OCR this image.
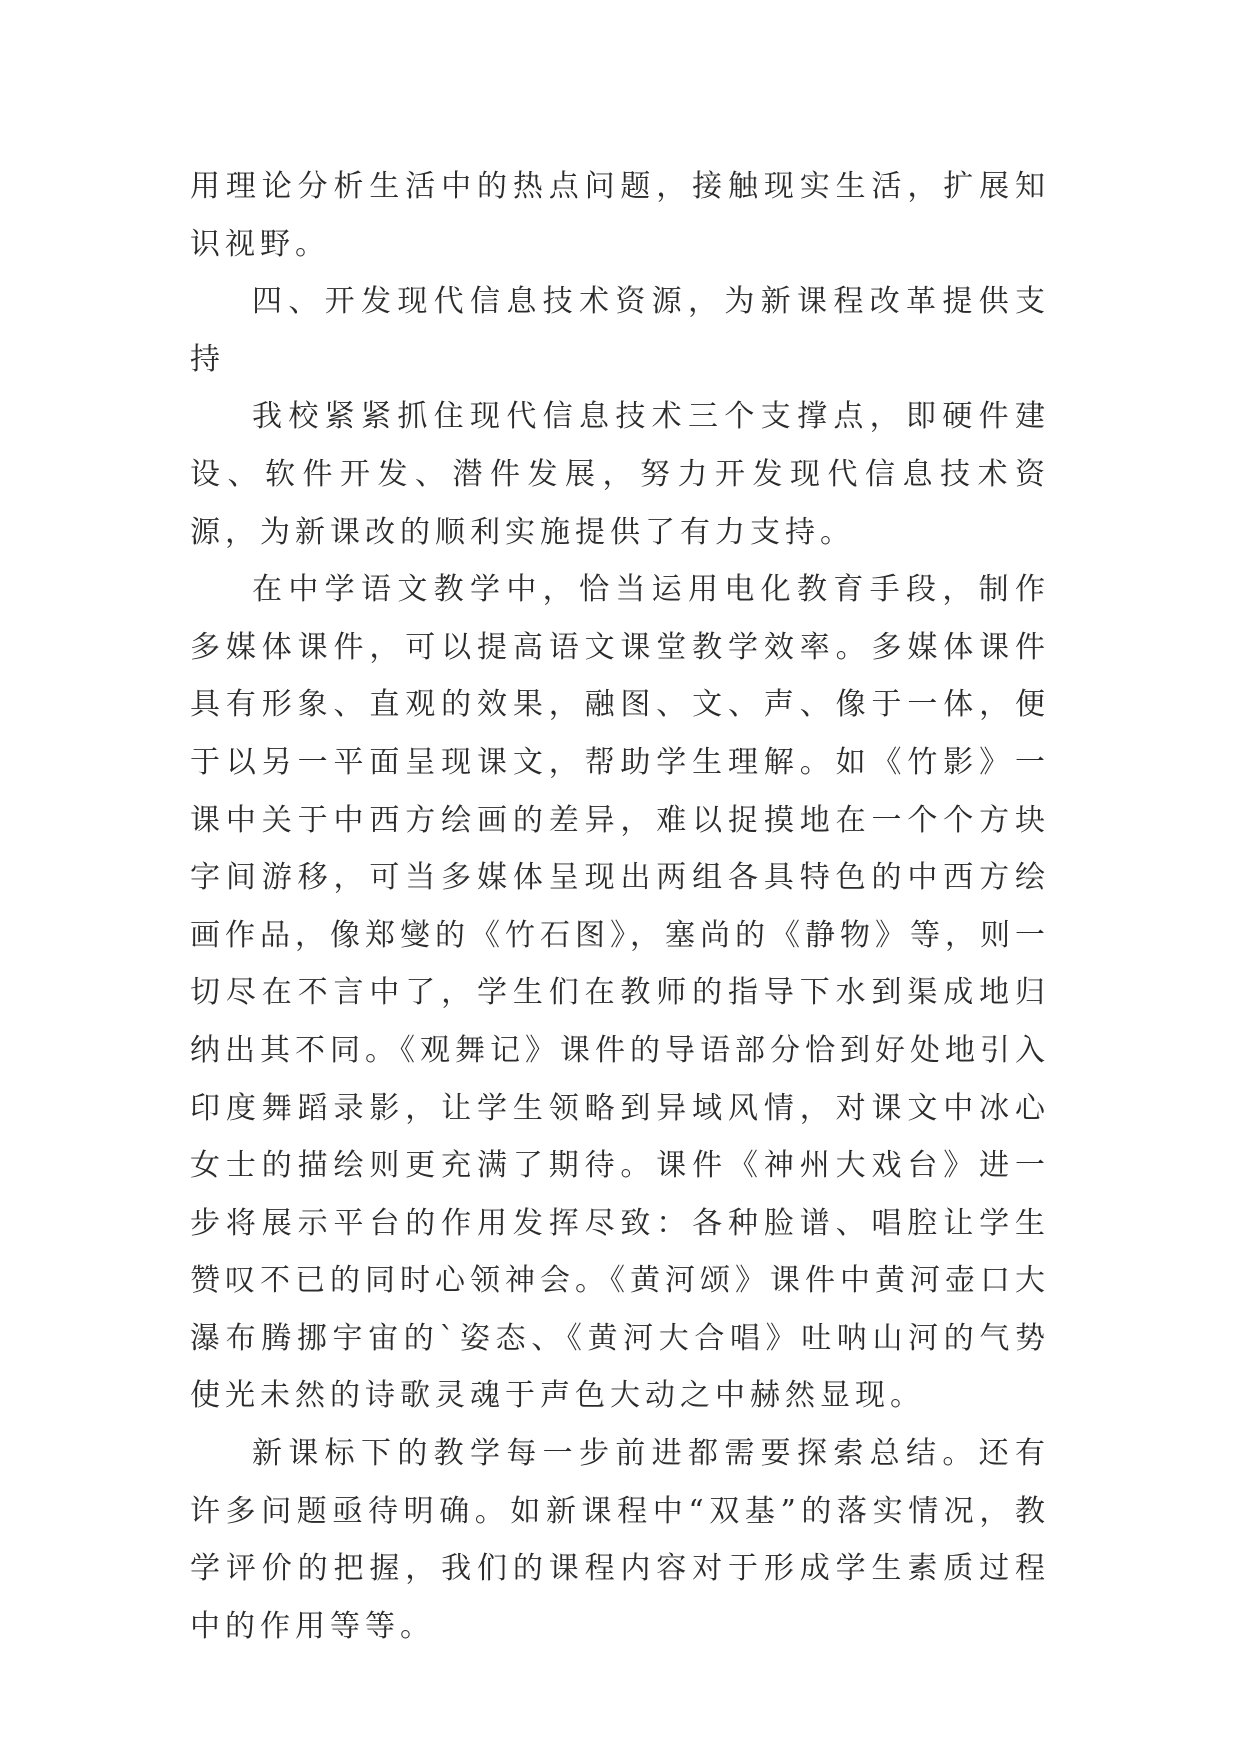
用理论分析生活中的热点问题，接触现实生活，扩展知识视野。

四、开发现代信息技术资源，为新课程改革提供支持

我校紧紧抓住现代信息技术三个支撑点，即硬件建设、软件开发、潜件发展，努力开发现代信息技术资源，为新课改的顺利实施提供了有力支持。

在中学语文教学中，恰当运用电化教育手段，制作多媒体课件，可以提高语文课堂教学效率。多媒体课件具有形象、直观的效果，融图、文、声、像于一体，便于以另一平面呈现课文，帮助学生理解。如《竹影》一课中关于中西方绘画的差异，难以捉摸地在一个个方块字间游移，可当多媒体呈现出两组各具特色的中西方绘画作品，像郑燮的《竹石图》，塞尚的《静物》等，则一切尽在不言中了，学生们在教师的指导下水到渠成地归纳出其不同。《观舞记》课件的导语部分恰到好处地引入印度舞蹈录影，让学生领略到异域风情，对课文中冰心女士的描绘则更充满了期待。课件《神州大戏台》进一步将展示平台的作用发挥尽致：各种脸谱、唱腔让学生赞叹不已的同时心领神会。《黄河颂》课件中黄河壶口大瀑布腾挪宇宙的`姿态、《黄河大合唱》吐呐山河的气势使光未然的诗歌灵魂于声色大动之中赫然显现。

新课标下的教学每一步前进都需要探索总结。还有许多问题亟待明确。如新课程中“双基”的落实情况，教学评价的把握，我们的课程内容对于形成学生素质过程中的作用等等。
